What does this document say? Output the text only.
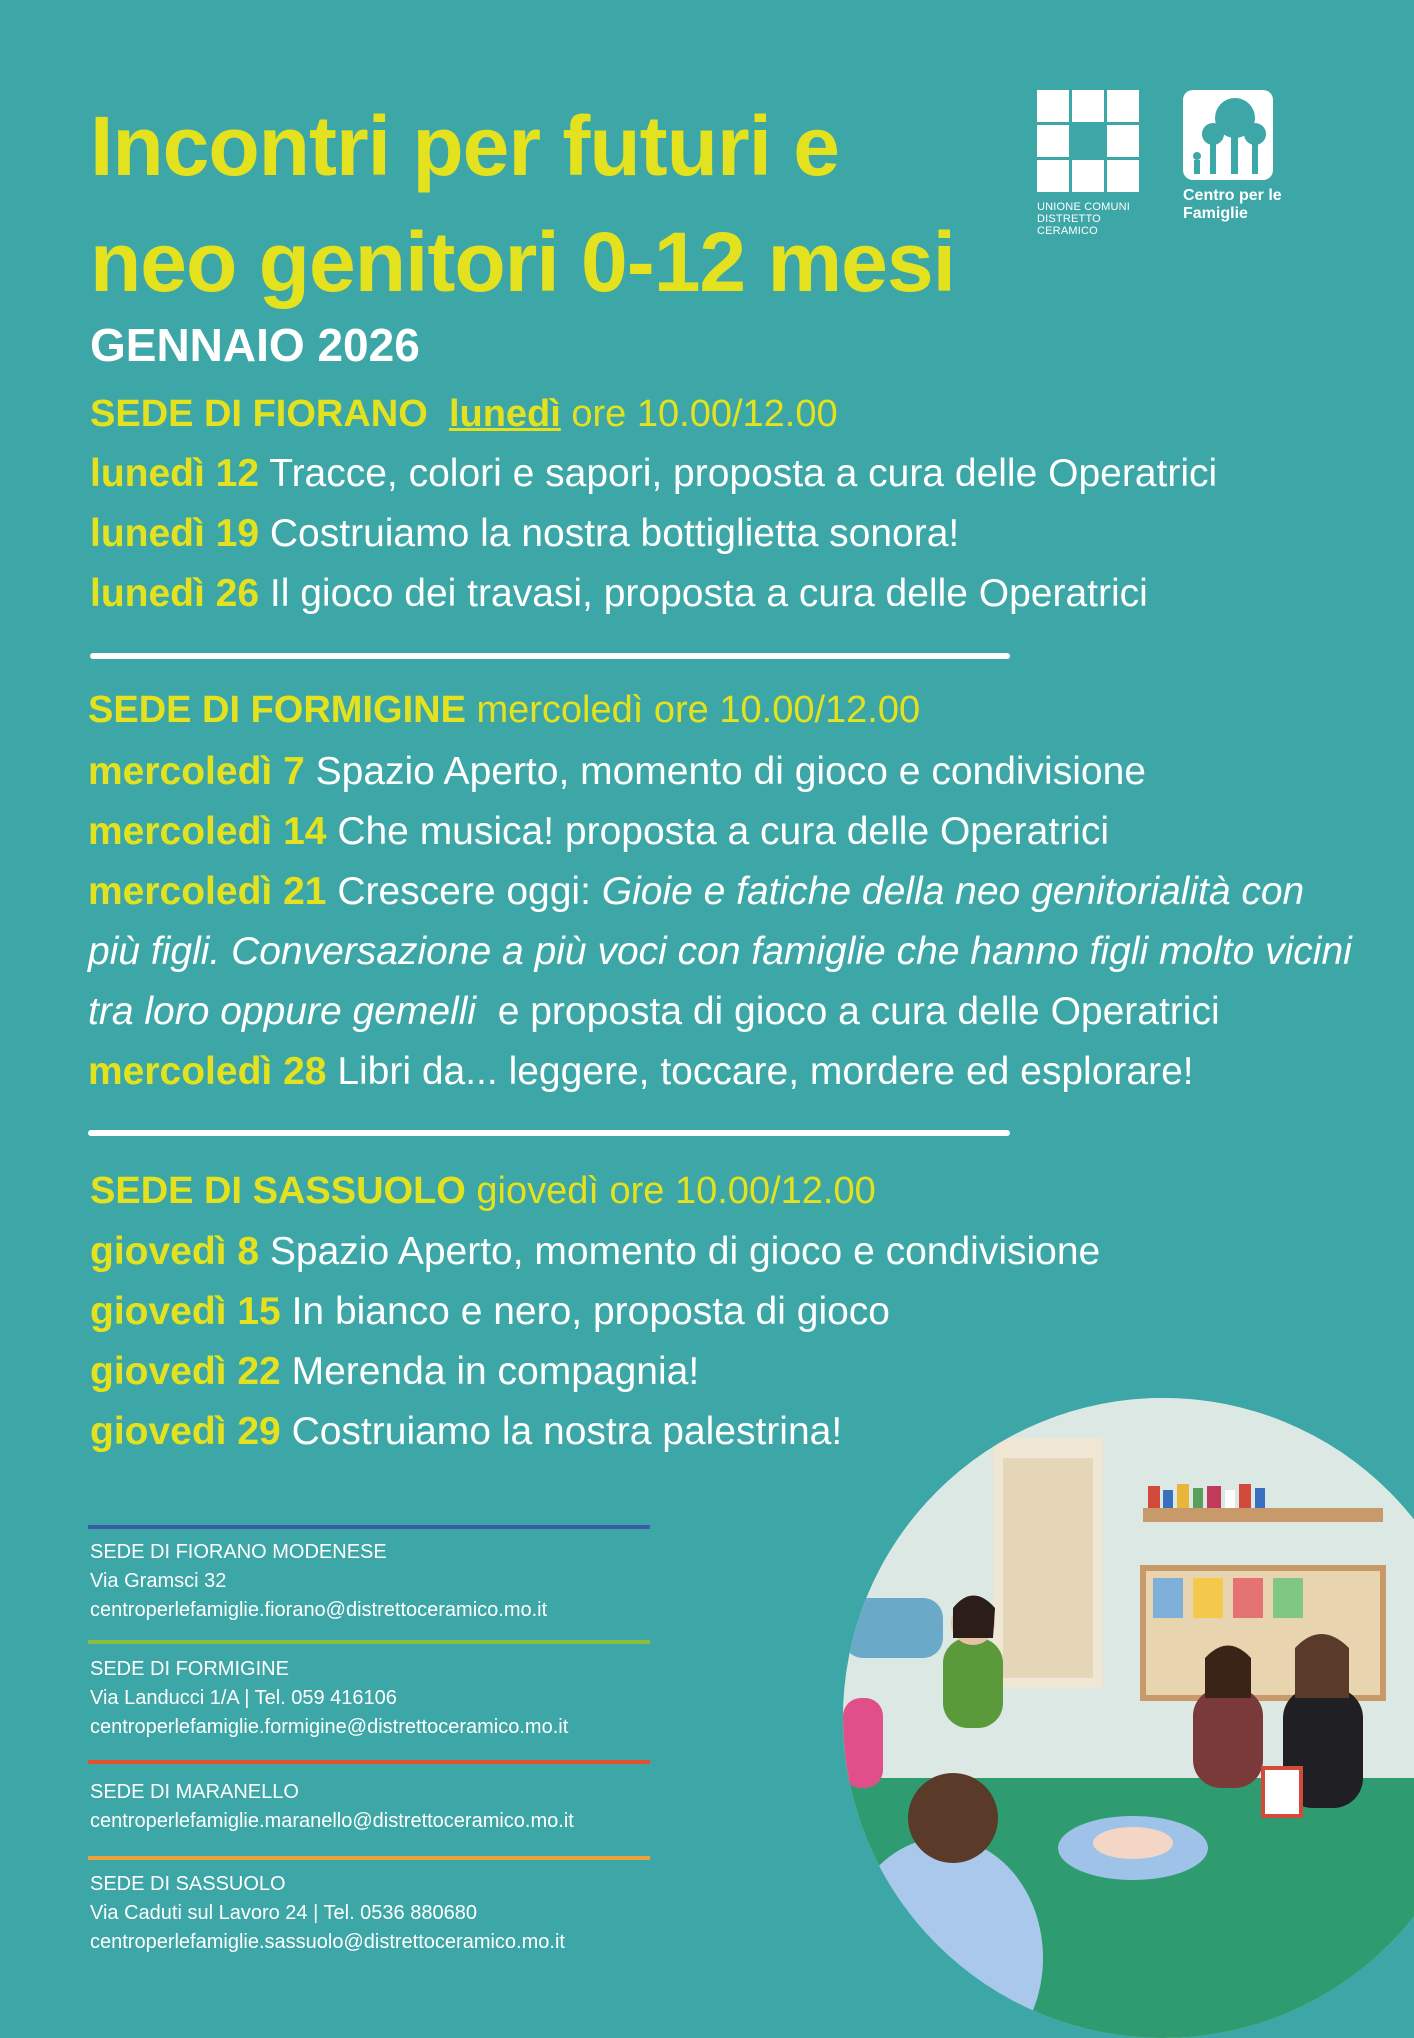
Incontri per futuri e
neo genitori 0-12 mesi
GENNAIO 2026
UNIONE COMUNI
DISTRETTO CERAMICO
Centro per le
Famiglie
SEDE DI FIORANO lunedì ore 10.00/12.00
lunedì 12 Tracce, colori e sapori, proposta a cura delle Operatrici
lunedì 19 Costruiamo la nostra bottiglietta sonora!
lunedì 26 Il gioco dei travasi, proposta a cura delle Operatrici
SEDE DI FORMIGINE mercoledì ore 10.00/12.00
mercoledì 7 Spazio Aperto, momento di gioco e condivisione
mercoledì 14 Che musica! proposta a cura delle Operatrici
mercoledì 21 Crescere oggi: Gioie e fatiche della neo genitorialità con
più figli. Conversazione a più voci con famiglie che hanno figli molto vicini
tra loro oppure gemelli e proposta di gioco a cura delle Operatrici
mercoledì 28 Libri da... leggere, toccare, mordere ed esplorare!
SEDE DI SASSUOLO giovedì ore 10.00/12.00
giovedì 8 Spazio Aperto, momento di gioco e condivisione
giovedì 15 In bianco e nero, proposta di gioco
giovedì 22 Merenda in compagnia!
giovedì 29 Costruiamo la nostra palestrina!
SEDE DI FIORANO MODENESE
Via Gramsci 32
centroperlefamiglie.fiorano@distrettoceramico.mo.it
SEDE DI FORMIGINE
Via Landucci 1/A | Tel. 059 416106
centroperlefamiglie.formigine@distrettoceramico.mo.it
SEDE DI MARANELLO
centroperlefamiglie.maranello@distrettoceramico.mo.it
SEDE DI SASSUOLO
Via Caduti sul Lavoro 24 | Tel. 0536 880680
centroperlefamiglie.sassuolo@distrettoceramico.mo.it
